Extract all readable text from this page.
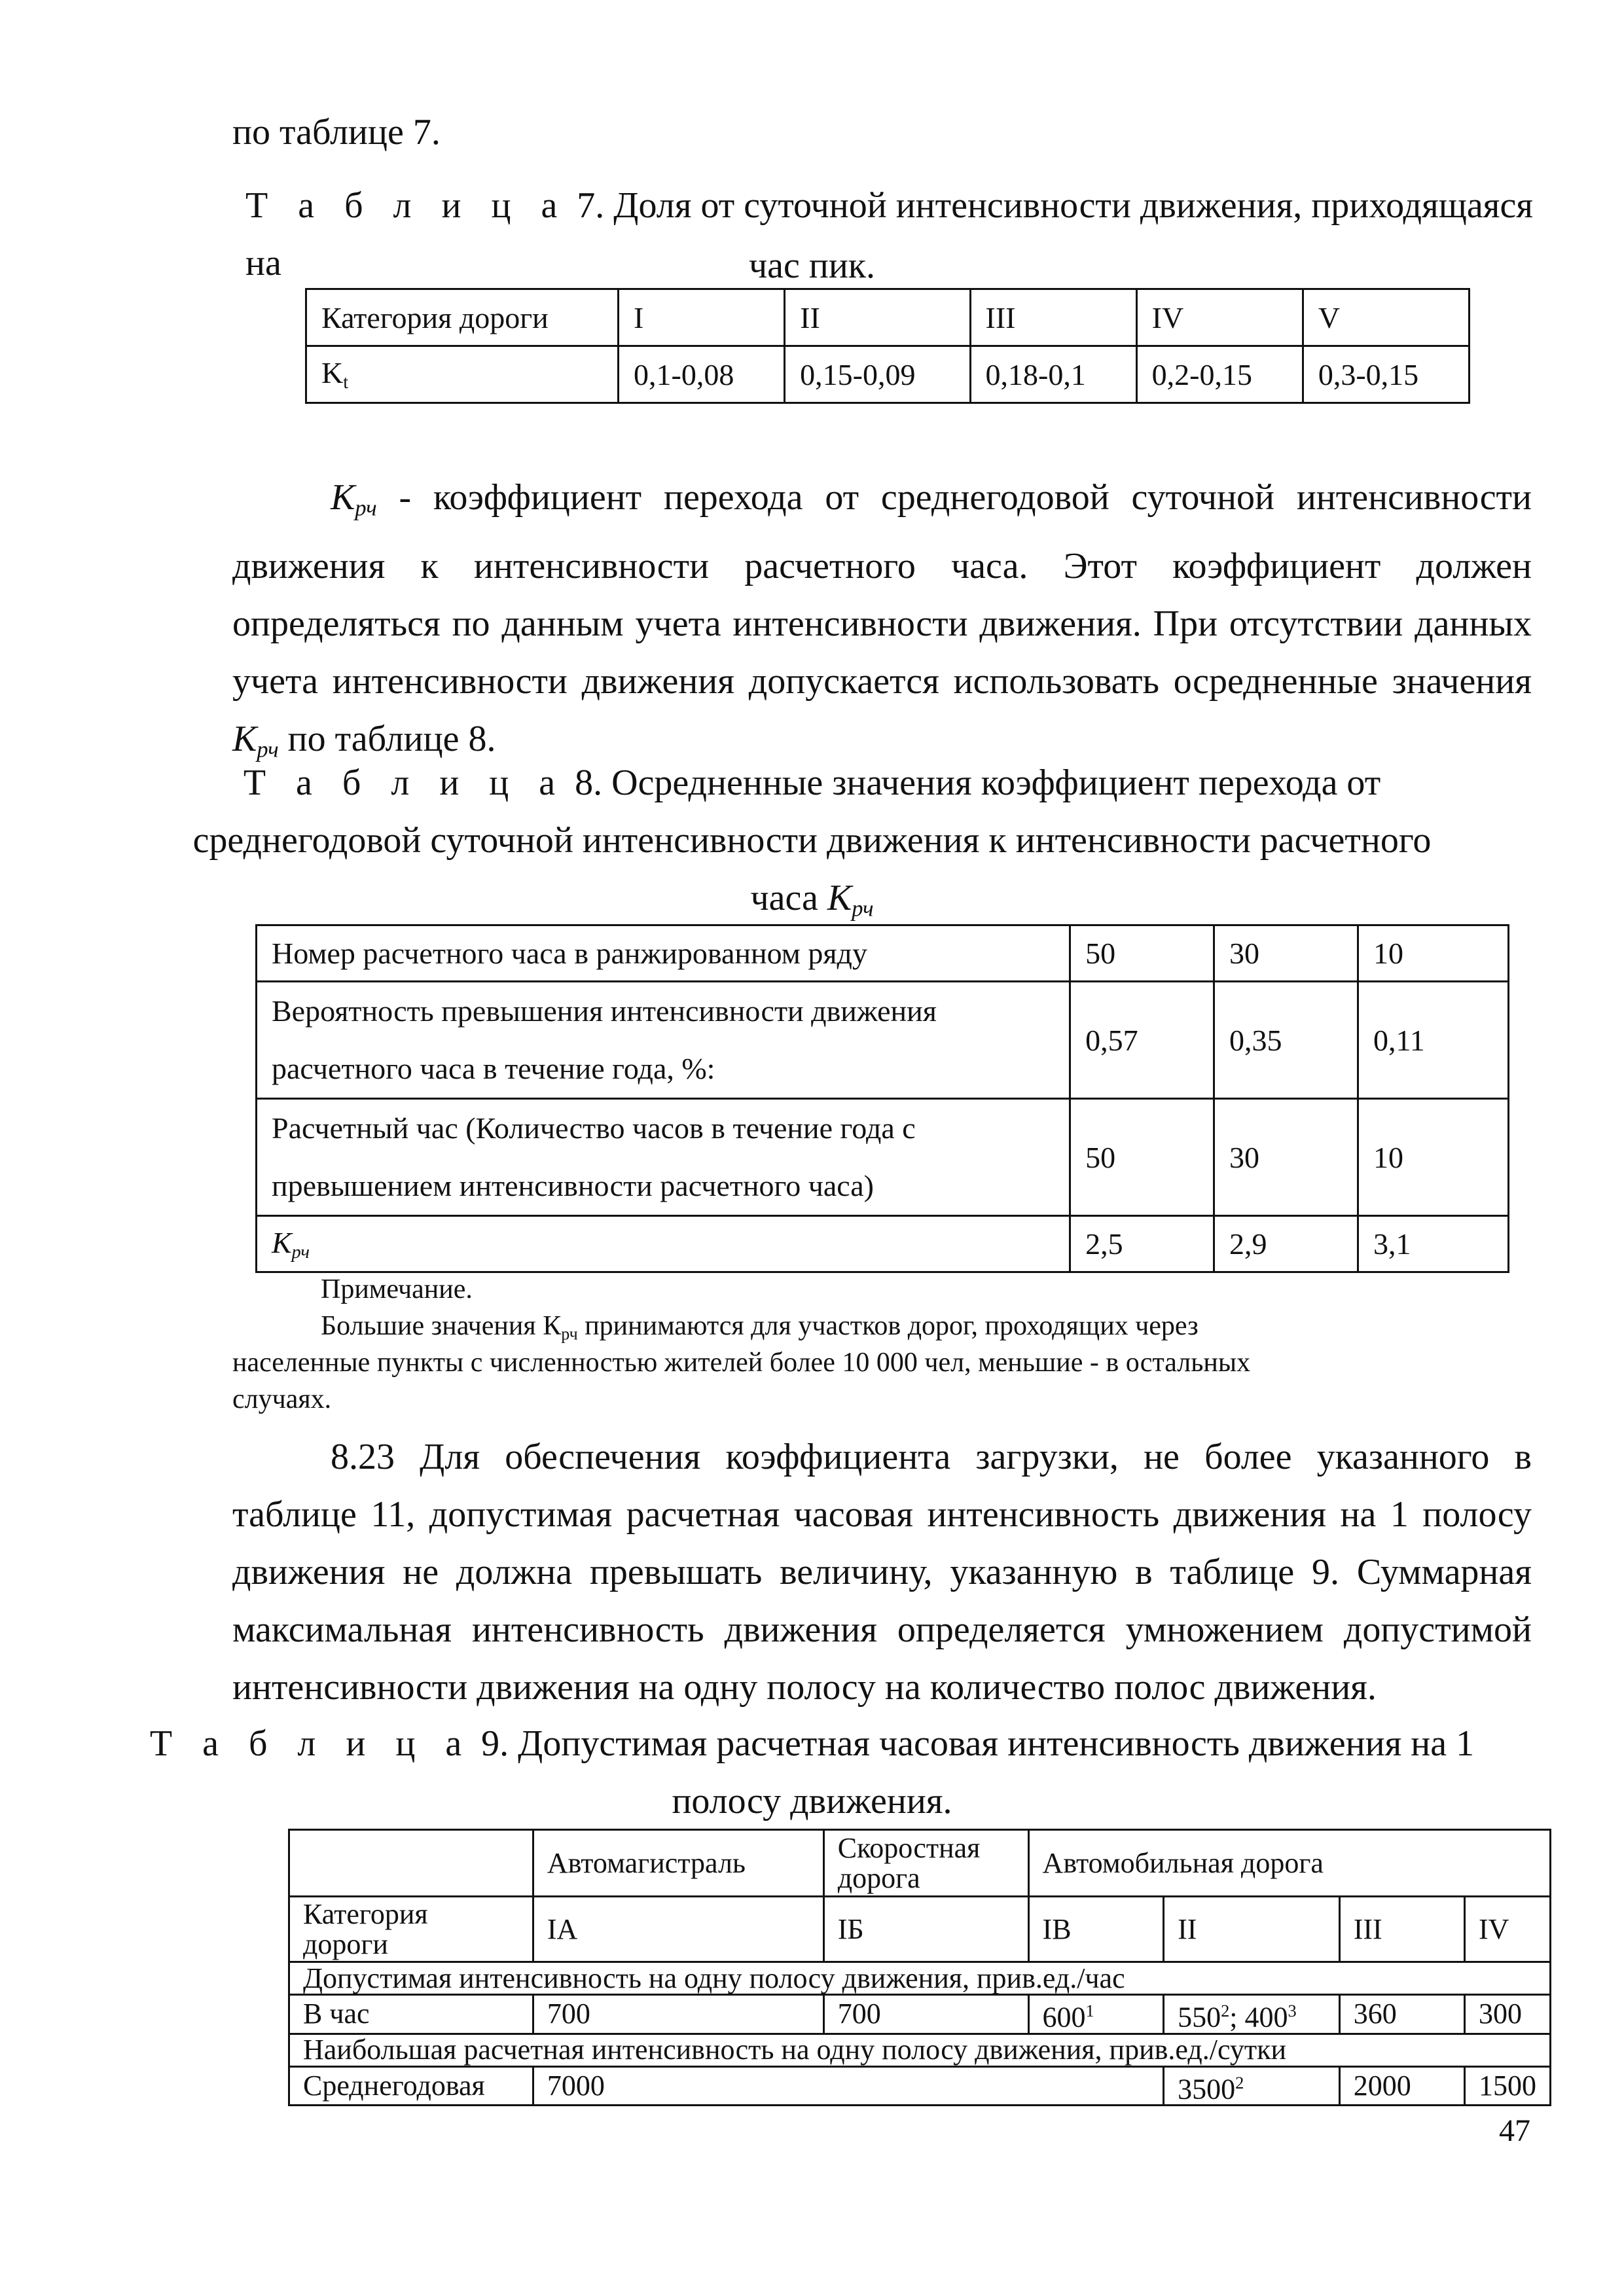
по таблице 7.
Т а б л и ц а 7. Доля от суточной интенсивности движения, приходящаяся на	час пик.
Категория дороги	I	II	III	IV	V
$K_t$	0,1-0,08	0,15-0,09	0,18-0,1	0,2-0,15	0,3-0,15
$К_{рч}$ - коэффициент перехода от среднегодовой суточной интенсивности движения к интенсивности расчетного часа. Этот коэффициент должен определяться по данным учета интенсивности движения. При отсутствии данных учета интенсивности движения допускается использовать осредненные значения $К_{рч}$ по таблице 8.
Т а б л и ц а 8. Осредненные значения коэффициент перехода от
среднегодовой суточной интенсивности движения к интенсивности расчетного
часа $К_{рч}$
Номер расчетного часа в ранжированном ряду	50	30	10

Вероятность превышения интенсивности движения
расчетного часа в течение года, %:	0,57	0,35	0,11

Расчетный час (Количество часов в течение года с
превышением интенсивности расчетного часа)	50	30	10
$К_{рч}$	2,5	2,9	3,1
Примечание.
Большие значения $К_{рч}$ принимаются для участков дорог, проходящих через
населенные пункты с численностью жителей более 10 000 чел, меньшие - в остальных
случаях.
8.23 Для обеспечения коэффициента загрузки, не более указанного в таблице 11, допустимая расчетная часовая интенсивность движения на 1 полосу движения не должна превышать величину, указанную в таблице 9. Суммарная максимальная интенсивность движения определяется умножением допустимой интенсивности движения на одну полосу на количество полос движения.
Т а б л и ц а 9. Допустимая расчетная часовая интенсивность движения на 1
полосу движения.
	Автомагистраль	Скоростная
дорога	Автомобильная дорога			

Категория
дороги	IА	IБ	IВ	II	III	IV
Допустимая интенсивность на одну полосу движения, прив.ед./час						
В час	700	700	$600^1$	$550^2$; $400^3$	360	300
Наибольшая расчетная интенсивность на одну полосу движения, прив.ед./сутки						
Среднегодовая	7000			3500$^2$	2000	1500
47
